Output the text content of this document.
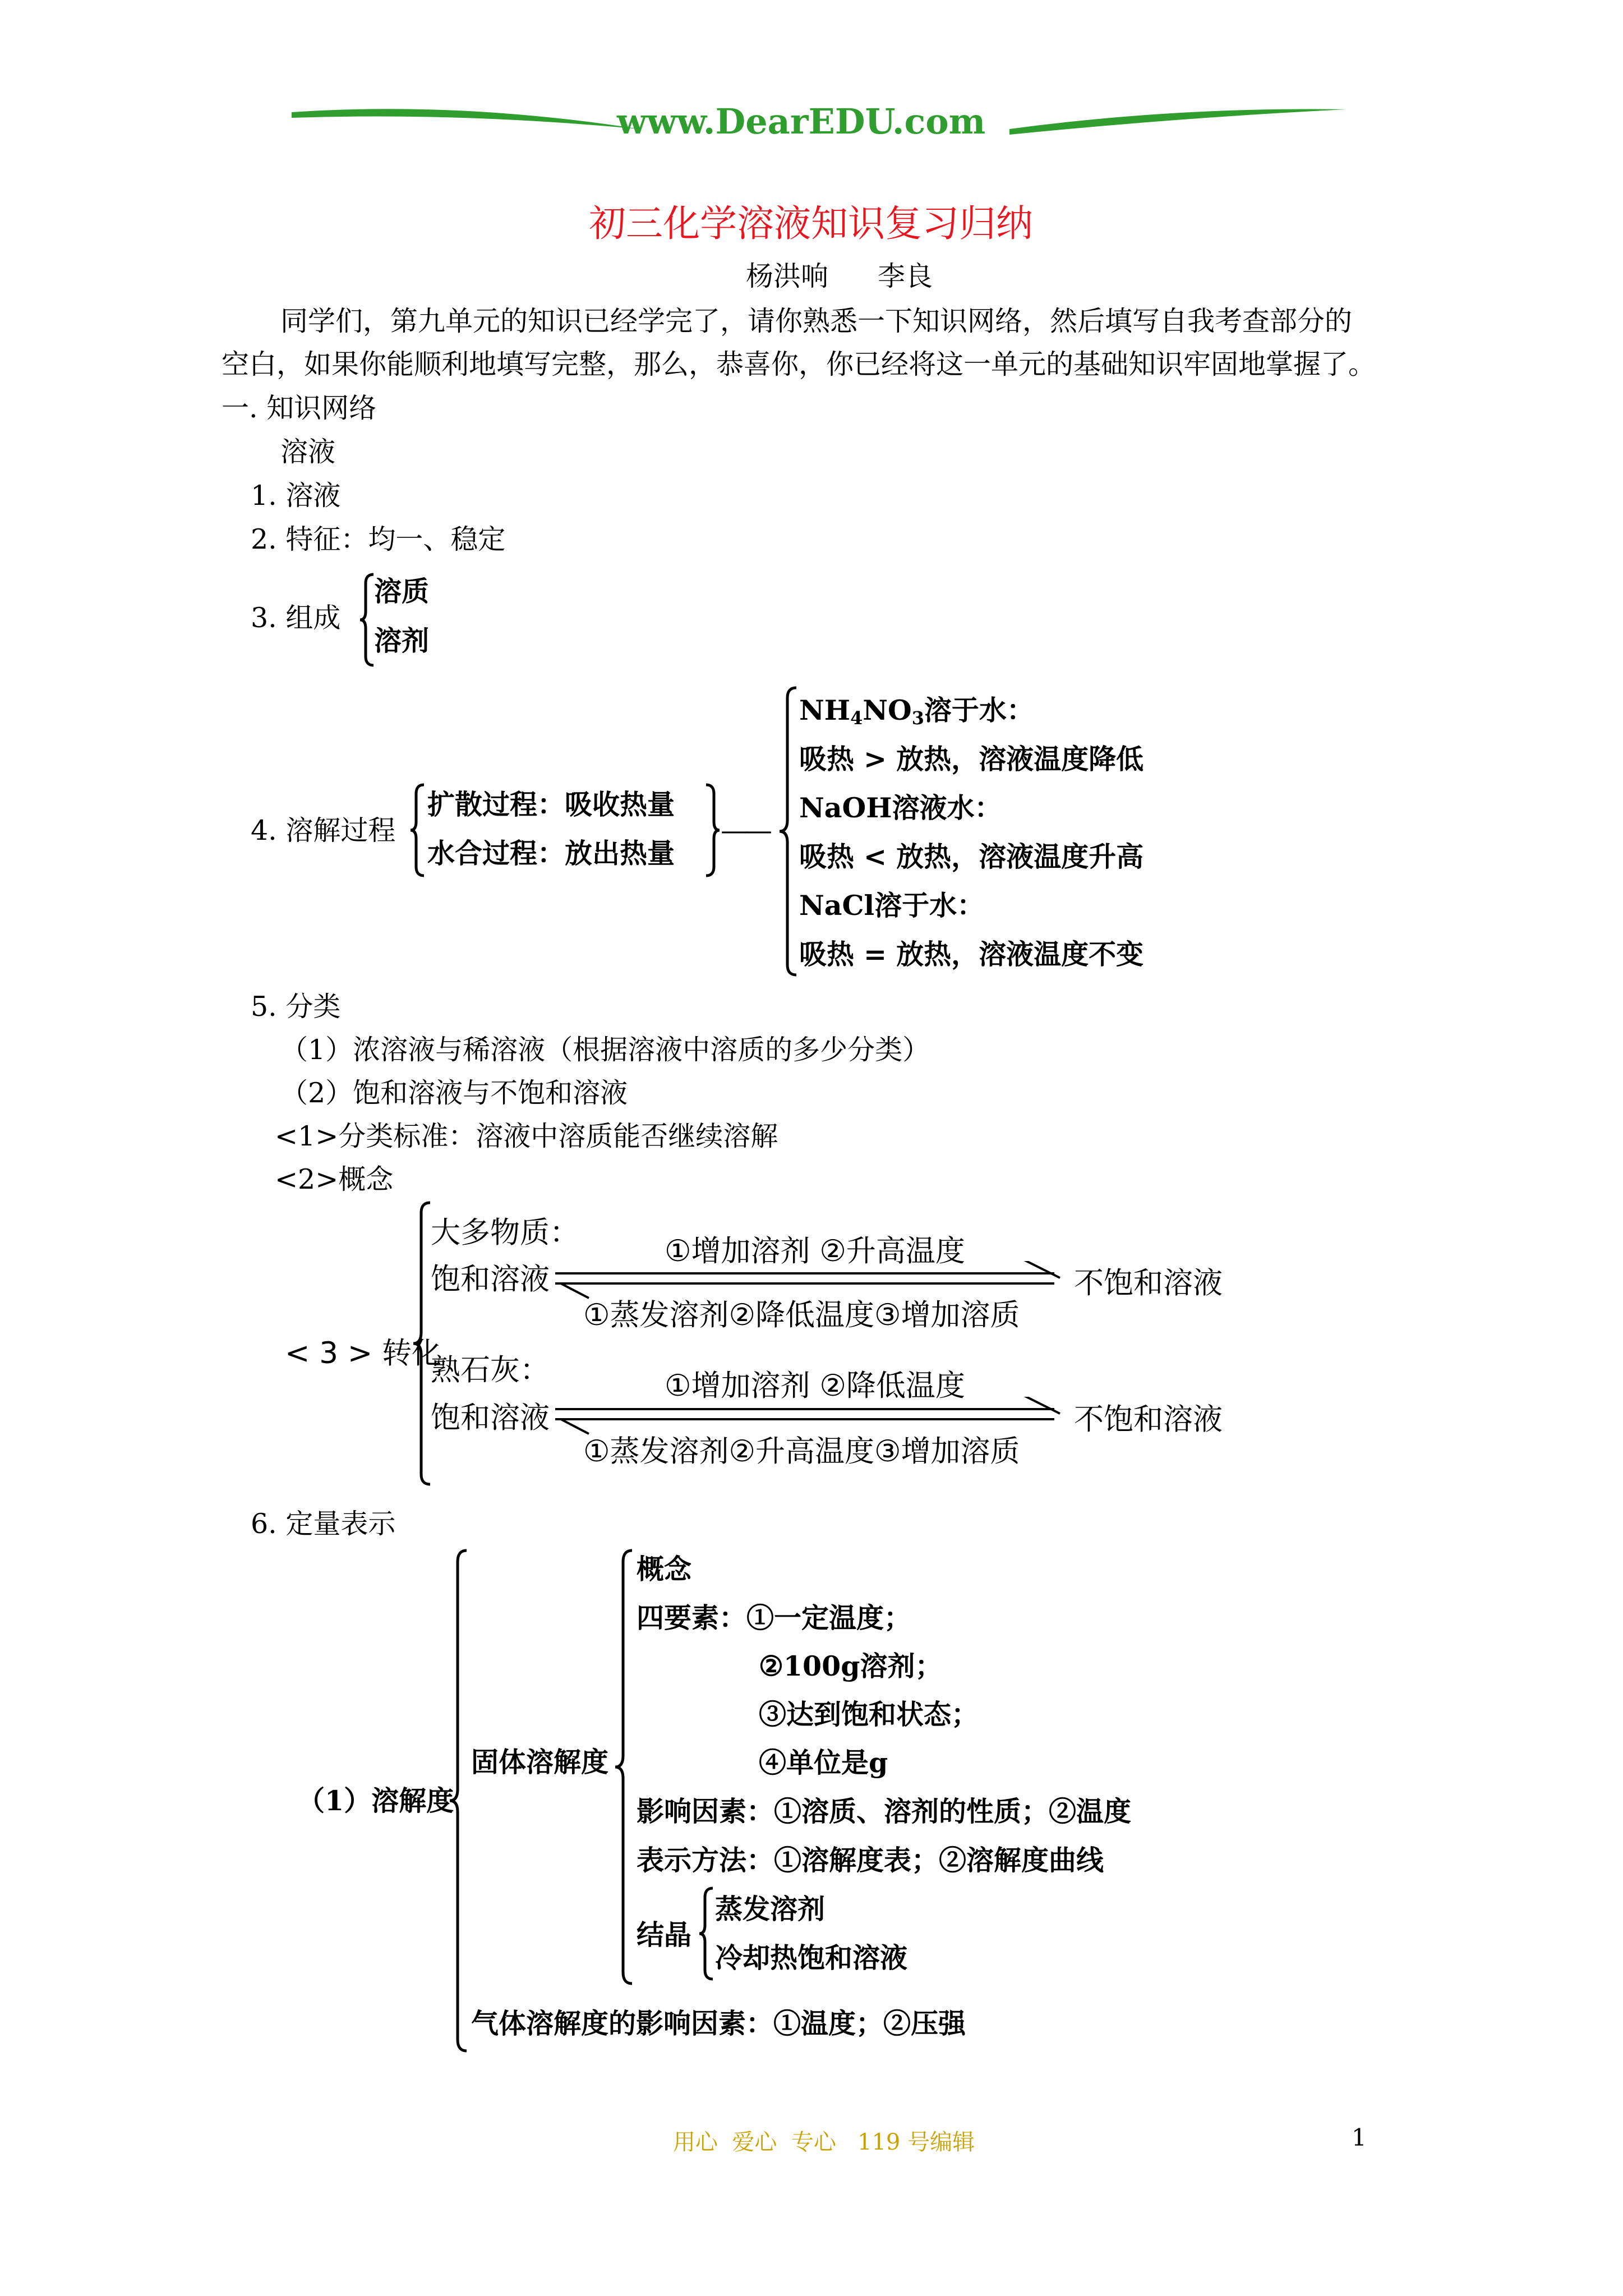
www.DearEDU.com
初三化学溶液知识复习归纳
杨洪响 李良
同学们，第九单元的知识已经学完了，请你熟悉一下知识网络，然后填写自我考查部分的
空白，如果你能顺利地填写完整，那么，恭喜你，你已经将这一单元的基础知识牢固地掌握了。
一. 知识网络
溶液
1. 溶液
2. 特征：均一、稳定
3. 组成
溶质
溶剂
4. 溶解过程
扩散过程：吸收热量
水合过程：放出热量
——
$NH_4NO_3$溶于水：
吸热 > 放热，溶液温度降低
NaOH溶液水：
吸热 < 放热，溶液温度升高
NaCl溶于水：
吸热 = 放热，溶液温度不变
5. 分类
（1）浓溶液与稀溶液（根据溶液中溶质的多少分类）
（2）饱和溶液与不饱和溶液
<1>分类标准：溶液中溶质能否继续溶解
<2>概念
< 3 > 转化
大多物质：
饱和溶液
①增加溶剂 ②升高温度
①蒸发溶剂②降低温度③增加溶质
不饱和溶液
熟石灰：
饱和溶液
①增加溶剂 ②降低温度
①蒸发溶剂②升高温度③增加溶质
不饱和溶液
6. 定量表示
（1）溶解度
固体溶解度
概念
四要素：①一定温度；
②100g溶剂；
③达到饱和状态；
④单位是g
影响因素：①溶质、溶剂的性质；②温度
表示方法：①溶解度表；②溶解度曲线
结晶
蒸发溶剂
冷却热饱和溶液
气体溶解度的影响因素：①温度；②压强
用心  爱心  专心   119 号编辑	1
